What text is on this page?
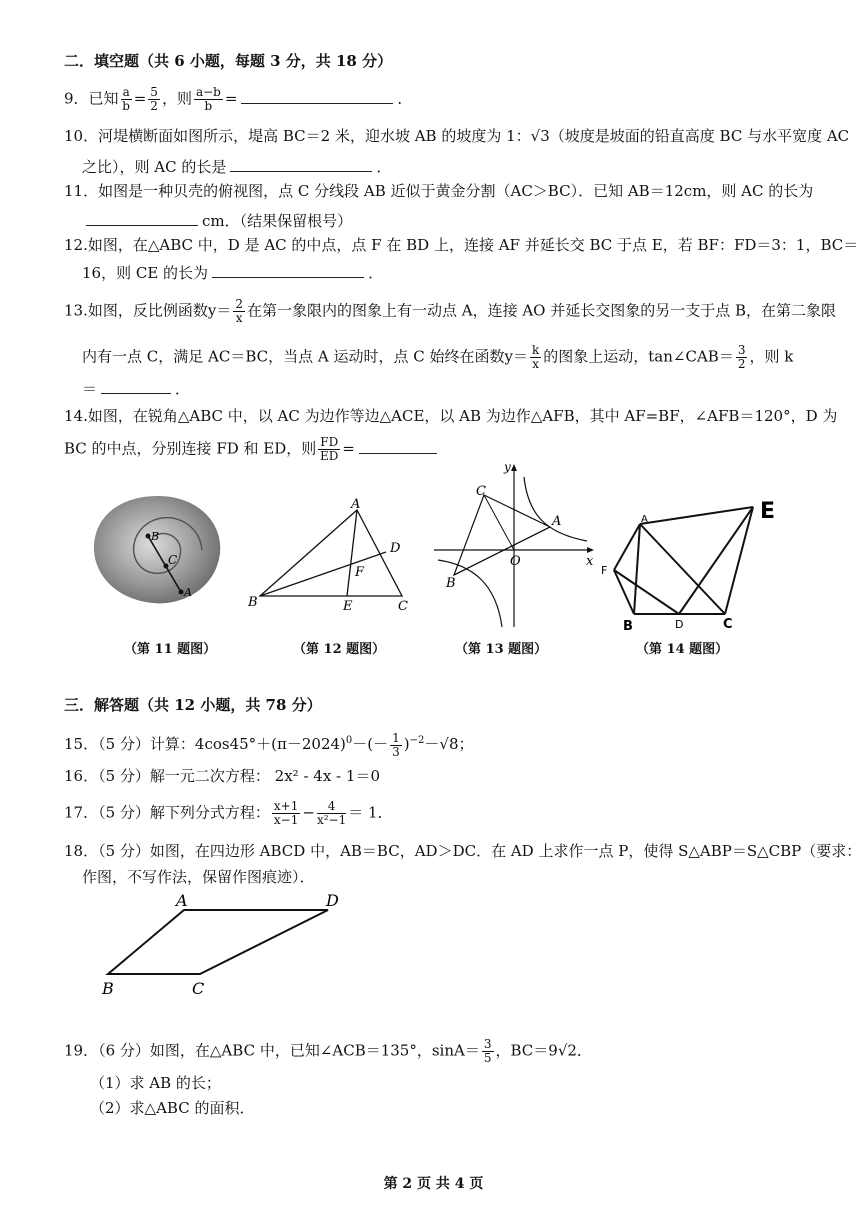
二．填空题（共 6 小题，每题 3 分，共 18 分）
9．已知 $\frac{a}{b} = \frac{5}{2}$ ，则 $\frac{a-b}{b}$ =	．
10．河堤横断面如图所示，堤高 BC＝2 米，迎水坡 AB 的坡度为 1：√3（坡度是坡面的铅直高度 BC 与水平宽度 AC
之比），则 AC 的长是	．
11．如图是一种贝壳的俯视图，点 C 分线段 AB 近似于黄金分割（AC＞BC）．已知 AB＝12cm，则 AC 的长为
cm．（结果保留根号）
12.如图，在△ABC 中，D 是 AC 的中点，点 F 在 BD 上，连接 AF 并延长交 BC 于点 E，若 BF：FD＝3：1，BC＝
16，则 CE 的长为	．
13.如图，反比例函数$y= \frac{2}{x}$ 在第一象限内的图象上有一动点 A，连接 AO 并延长交图象的另一支于点 B，在第二象限
内有一点 C，满足 AC＝BC，当点 A 运动时，点 C 始终在函数$y= \frac{k}{x}$ 的图象上运动，tan∠CAB＝ $\frac{3}{2}$ ，则 k
＝	．
14.如图，在锐角△ABC 中，以 AC 为边作等边△ACE，以 AB 为边作△AFB，其中 AF=BF，∠AFB＝120°，D 为
BC 的中点，分别连接 FD 和 ED，则 $\frac{FD}{ED}$ =
B
C
A
（第 11 题图）
A
D
F
B	E	C
（第 12 题图）
y
C
A
O	x
B
（第 13 题图）
E
A
F
B	D	C
（第 14 题图）
三．解答题（共 12 小题，共 78 分）
15．（5 分）计算：$4\cos 45^\circ+(\pi-2024)^0-(- \frac{1}{3} )^{-2}-√8$；
16．（5 分）解一元二次方程： 2x² - 4x - 1＝0
17．（5 分）解下列分式方程： $\frac{x+1}{x-1} - \frac{4}{\text{x²−1}} = 1$．
18．（5 分）如图，在四边形 ABCD 中，AB＝BC，AD＞DC．在 AD 上求作一点 P，使得 S△ABP＝S△CBP（要求：
作图，不写作法，保留作图痕迹）．
A	D
B	C
19．（6 分）如图，在△ABC 中，已知∠ACB＝135°，$\sin A= \frac{3}{5}$ ，BC＝9√2．
（1）求 AB 的长；
（2）求△ABC 的面积．
第 2 页 共 4 页
